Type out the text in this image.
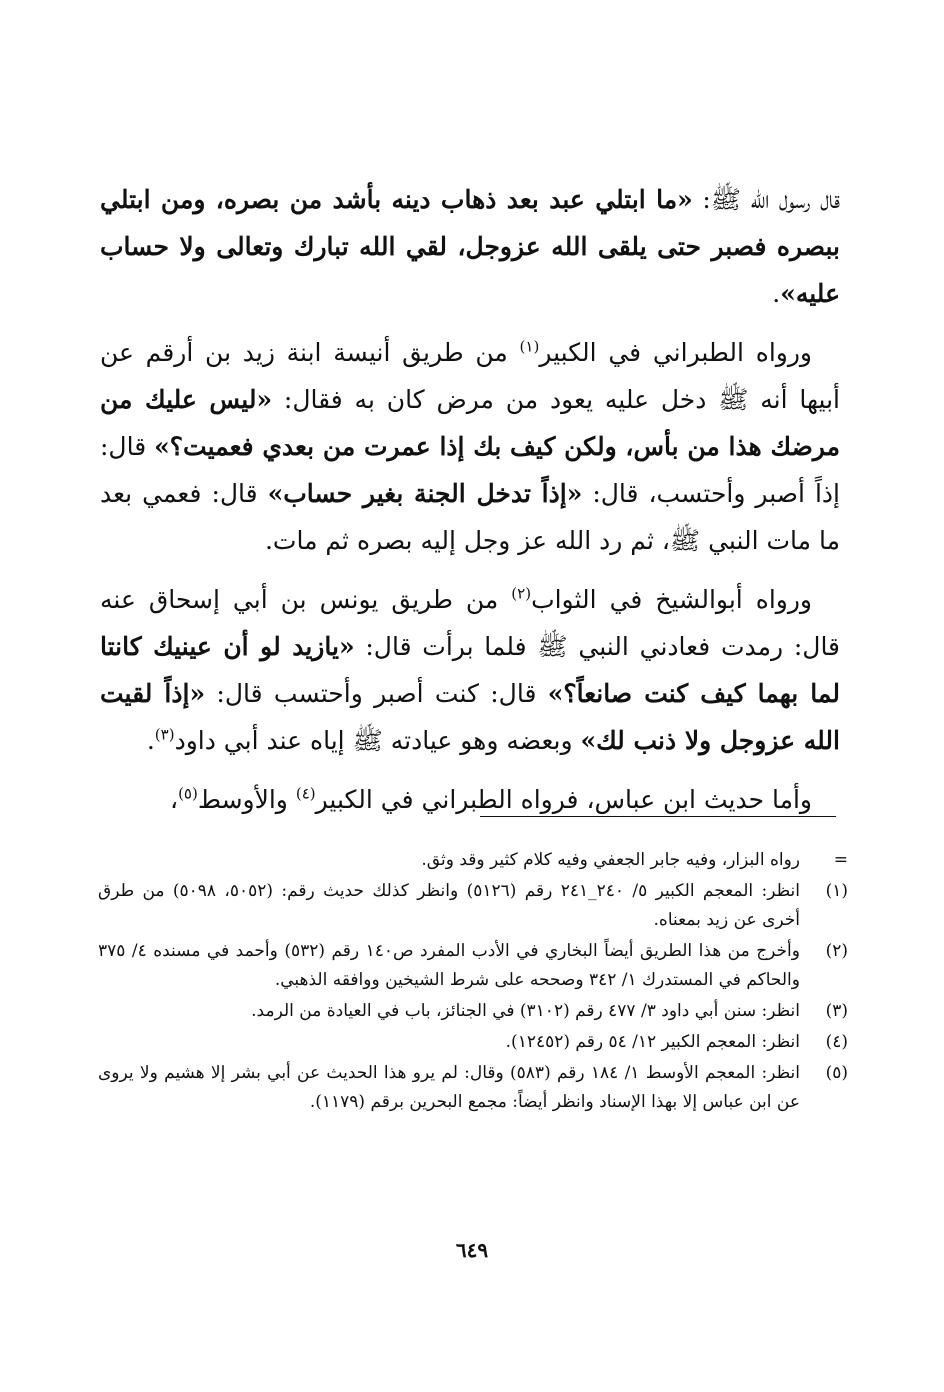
قال رسول الله ﷺ: «ما ابتلي عبد بعد ذهاب دينه بأشد من بصره، ومن ابتلي ببصره فصبر حتى يلقى الله عزوجل، لقي الله تبارك وتعالى ولا حساب عليه».

ورواه الطبراني في الكبير$^{(١)}$ من طريق أنيسة ابنة زيد بن أرقم عن أبيها أنه ﷺ دخل عليه يعود من مرض كان به فقال: «ليس عليك من مرضك هذا من بأس، ولكن كيف بك إذا عمرت من بعدي فعميت؟» قال: إذاً أصبر وأحتسب، قال: «إذاً تدخل الجنة بغير حساب» قال: فعمي بعد ما مات النبي ﷺ، ثم رد الله عز وجل إليه بصره ثم مات.

ورواه أبوالشيخ في الثواب$^{(٢)}$ من طريق يونس بن أبي إسحاق عنه قال: رمدت فعادني النبي ﷺ فلما برأت قال: «يازيد لو أن عينيك كانتا لما بهما كيف كنت صانعاً؟» قال: كنت أصبر وأحتسب قال: «إذاً لقيت الله عزوجل ولا ذنب لك» وبعضه وهو عيادته ﷺ إياه عند أبي داود$^{(٣)}$.

وأما حديث ابن عباس، فرواه الطبراني في الكبير$^{(٤)}$ والأوسط$^{(٥)}$،

=
رواه البزار، وفيه جابر الجعفي وفيه كلام كثير وقد وثق.
(١)
انظر: المعجم الكبير ٥/ ٢٤٠_٢٤١ رقم (٥١٢٦) وانظر كذلك حديث رقم: (٥٠٥٢، ٥٠٩٨) من طرق أخرى عن زيد بمعناه.
(٢)
وأخرج من هذا الطريق أيضاً البخاري في الأدب المفرد ص١٤٠ رقم (٥٣٢) وأحمد في مسنده ٤/ ٣٧٥ والحاكم في المستدرك ١/ ٣٤٢ وصححه على شرط الشيخين ووافقه الذهبي.
(٣)
انظر: سنن أبي داود ٣/ ٤٧٧ رقم (٣١٠٢) في الجنائز، باب في العيادة من الرمد.
(٤)
انظر: المعجم الكبير ١٢/ ٥٤ رقم (١٢٤٥٢).
(٥)
انظر: المعجم الأوسط ١/ ١٨٤ رقم (٥٨٣) وقال: لم يرو هذا الحديث عن أبي بشر إلا هشيم ولا يروى عن ابن عباس إلا بهذا الإسناد وانظر أيضاً: مجمع البحرين برقم (١١٧٩).
٦٤٩
